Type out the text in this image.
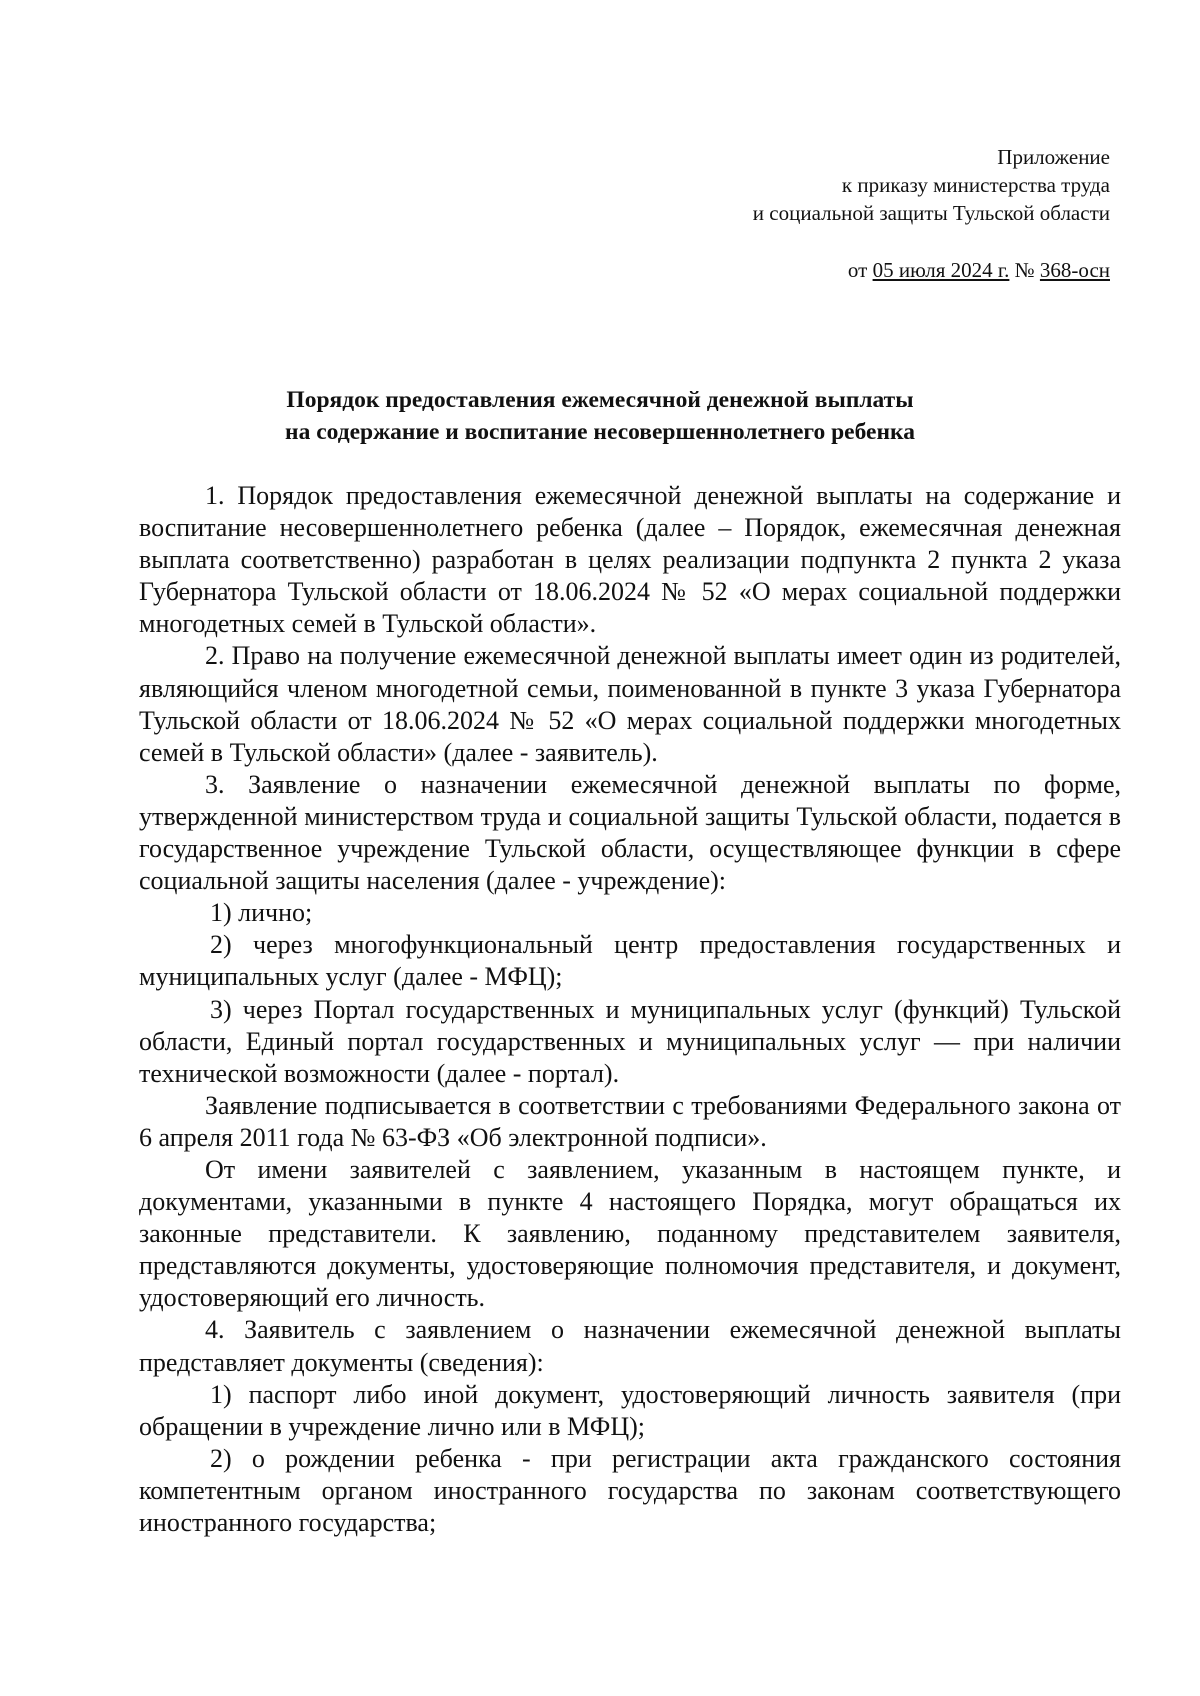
Приложение
к приказу министерства труда
и социальной защиты Тульской области
от 05 июля 2024 г. № 368-осн
Порядок предоставления ежемесячной денежной выплаты
на содержание и воспитание несовершеннолетнего ребенка

1. Порядок предоставления ежемесячной денежной выплаты на содержание и воспитание несовершеннолетнего ребенка (далее – Порядок, ежемесячная денежная выплата соответственно) разработан в целях реализации подпункта 2 пункта 2 указа Губернатора Тульской области от 18.06.2024 № 52 «О мерах социальной поддержки многодетных семей в Тульской области».

2. Право на получение ежемесячной денежной выплаты имеет один из родителей, являющийся членом многодетной семьи, поименованной в пункте 3 указа Губернатора Тульской области от 18.06.2024 № 52 «О мерах социальной поддержки многодетных семей в Тульской области» (далее - заявитель).

3. Заявление о назначении ежемесячной денежной выплаты по форме, утвержденной министерством труда и социальной защиты Тульской области, подается в государственное учреждение Тульской области, осуществляющее функции в сфере социальной защиты населения (далее - учреждение):

1) лично;

2) через многофункциональный центр предоставления государственных и муниципальных услуг (далее - МФЦ);

3) через Портал государственных и муниципальных услуг (функций) Тульской области, Единый портал государственных и муниципальных услуг — при наличии технической возможности (далее - портал).

Заявление подписывается в соответствии с требованиями Федерального закона от 6 апреля 2011 года № 63-ФЗ «Об электронной подписи».

От имени заявителей с заявлением, указанным в настоящем пункте, и документами, указанными в пункте 4 настоящего Порядка, могут обращаться их законные представители. К заявлению, поданному представителем заявителя, представляются документы, удостоверяющие полномочия представителя, и документ, удостоверяющий его личность.

4. Заявитель с заявлением о назначении ежемесячной денежной выплаты представляет документы (сведения):

1) паспорт либо иной документ, удостоверяющий личность заявителя (при обращении в учреждение лично или в МФЦ);

2) о рождении ребенка - при регистрации акта гражданского состояния компетентным органом иностранного государства по законам соответствующего иностранного государства;
